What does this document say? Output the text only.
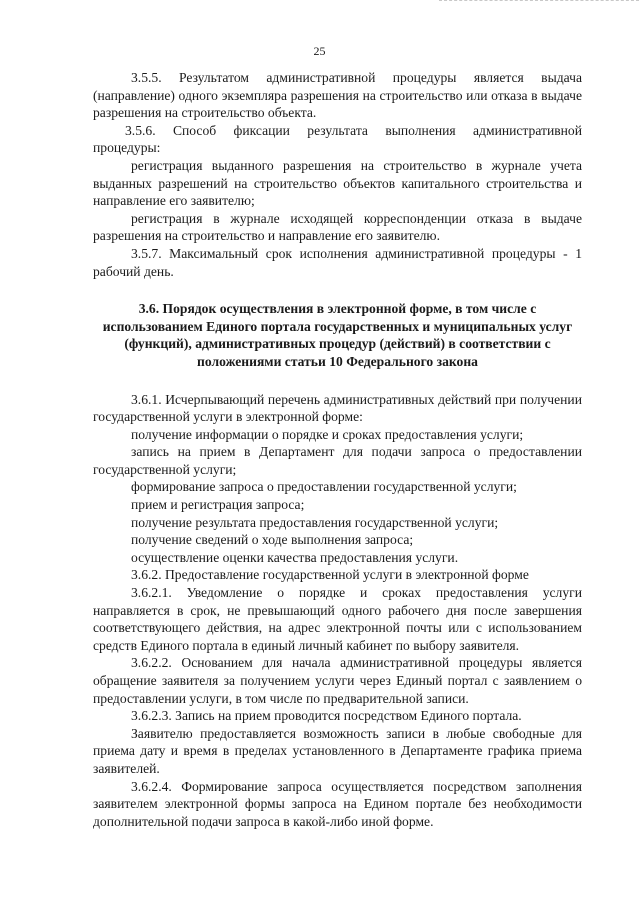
25

3.5.5. Результатом административной процедуры является выдача (направление) одного экземпляра разрешения на строительство или отказа в выдаче разрешения на строительство объекта.

3.5.6. Способ фиксации результата выполнения административной процедуры:

регистрация выданного разрешения на строительство в журнале учета выданных разрешений на строительство объектов капитального строительства и направление его заявителю;

регистрация в журнале исходящей корреспонденции отказа в выдаче разрешения на строительство и направление его заявителю.

3.5.7. Максимальный срок исполнения административной процедуры - 1 рабочий день.

3.6. Порядок осуществления в электронной форме, в том числе с использованием Единого портала государственных и муниципальных услуг (функций), административных процедур (действий) в соответствии с положениями статьи 10 Федерального закона

3.6.1. Исчерпывающий перечень административных действий при получении государственной услуги в электронной форме:

получение информации о порядке и сроках предоставления услуги;

запись на прием в Департамент для подачи запроса о предоставлении государственной услуги;

формирование запроса о предоставлении государственной услуги;

прием и регистрация запроса;

получение результата предоставления государственной услуги;

получение сведений о ходе выполнения запроса;

осуществление оценки качества предоставления услуги.

3.6.2. Предоставление государственной услуги в электронной форме

3.6.2.1. Уведомление о порядке и сроках предоставления услуги направляется в срок, не превышающий одного рабочего дня после завершения соответствующего действия, на адрес электронной почты или с использованием средств Единого портала в единый личный кабинет по выбору заявителя.

3.6.2.2. Основанием для начала административной процедуры является обращение заявителя за получением услуги через Единый портал с заявлением о предоставлении услуги, в том числе по предварительной записи.

3.6.2.3. Запись на прием проводится посредством Единого портала.

Заявителю предоставляется возможность записи в любые свободные для приема дату и время в пределах установленного в Департаменте графика приема заявителей.

3.6.2.4. Формирование запроса осуществляется посредством заполнения заявителем электронной формы запроса на Едином портале без необходимости дополнительной подачи запроса в какой-либо иной форме.
